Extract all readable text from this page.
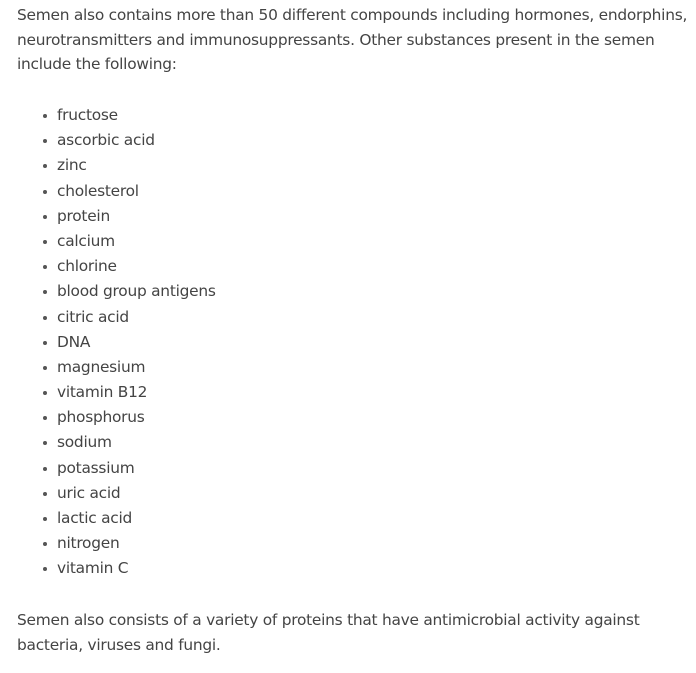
Semen also contains more than 50 different compounds including hormones, endorphins,
neurotransmitters and immunosuppressants. Other substances present in the semen
include the following:

fructose
ascorbic acid
zinc
cholesterol
protein
calcium
chlorine
blood group antigens
citric acid
DNA
magnesium
vitamin B12
phosphorus
sodium
potassium
uric acid
lactic acid
nitrogen
vitamin C

Semen also consists of a variety of proteins that have antimicrobial activity against
bacteria, viruses and fungi.
